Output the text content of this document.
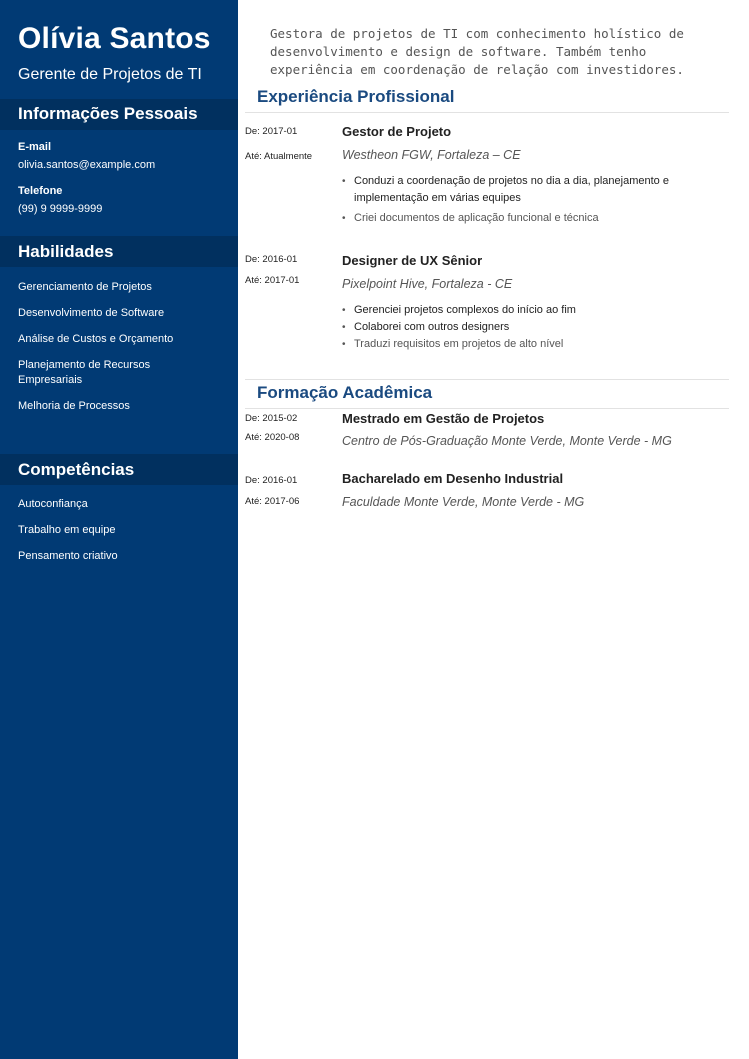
Olívia Santos
Gerente de Projetos de TI
Informações Pessoais
E-mail
olivia.santos@example.com
Telefone
(99) 9 9999-9999
Habilidades
Gerenciamento de Projetos
Desenvolvimento de Software
Análise de Custos e Orçamento
Planejamento de Recursos Empresariais
Melhoria de Processos
Competências
Autoconfiança
Trabalho em equipe
Pensamento criativo
Gestora de projetos de TI com conhecimento holístico de desenvolvimento e design de software. Também tenho experiência em coordenação de relação com investidores.
Experiência Profissional
De: 2017-01
Até: Atualmente
Gestor de Projeto
Westheon FGW, Fortaleza – CE
• Conduzi a coordenação de projetos no dia a dia, planejamento e implementação em várias equipes
• Criei documentos de aplicação funcional e técnica
De: 2016-01
Até: 2017-01
Designer de UX Sênior
Pixelpoint Hive, Fortaleza - CE
• Gerenciei projetos complexos do início ao fim
• Colaborei com outros designers
• Traduzi requisitos em projetos de alto nível
Formação Acadêmica
De: 2015-02
Até: 2020-08
Mestrado em Gestão de Projetos
Centro de Pós-Graduação Monte Verde, Monte Verde - MG
De: 2016-01
Até: 2017-06
Bacharelado em Desenho Industrial
Faculdade Monte Verde, Monte Verde - MG
